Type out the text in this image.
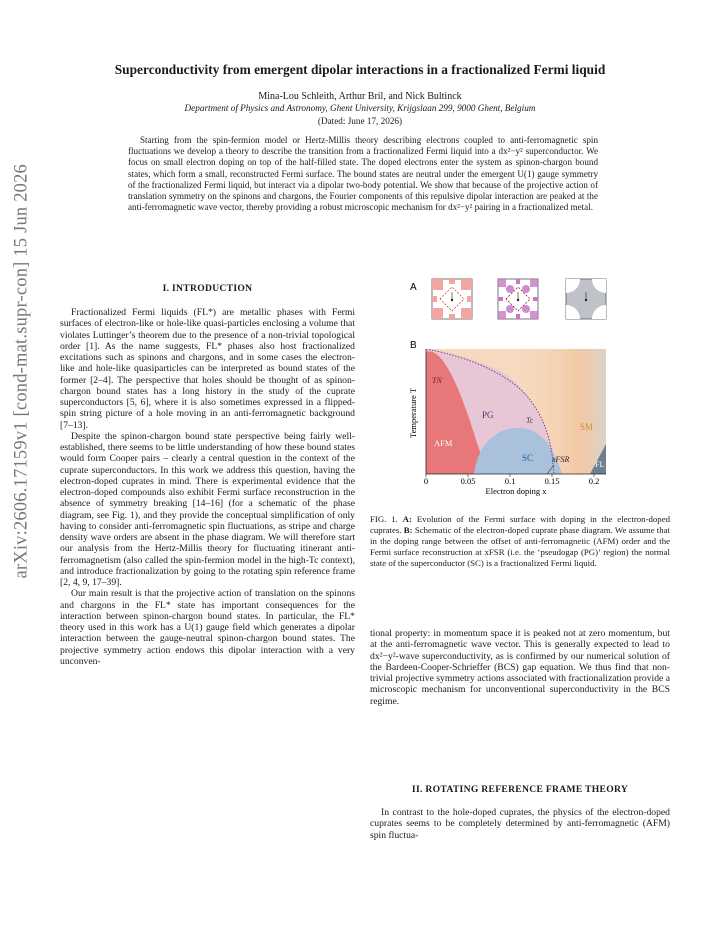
arXiv:2606.17159v1 [cond-mat.supr-con] 15 Jun 2026
Superconductivity from emergent dipolar interactions in a fractionalized Fermi liquid
Mina-Lou Schleith, Arthur Bril, and Nick Bultinck
Department of Physics and Astronomy, Ghent University, Krijgslaan 299, 9000 Ghent, Belgium
(Dated: June 17, 2026)
Starting from the spin-fermion model or Hertz-Millis theory describing electrons coupled to anti-ferromagnetic spin fluctuations we develop a theory to describe the transition from a fractionalized Fermi liquid into a dx²−y² superconductor. We focus on small electron doping on top of the half-filled state. The doped electrons enter the system as spinon-chargon bound states, which form a small, reconstructed Fermi surface. The bound states are neutral under the emergent U(1) gauge symmetry of the fractionalized Fermi liquid, but interact via a dipolar two-body potential. We show that because of the projective action of translation symmetry on the spinons and chargons, the Fourier components of this repulsive dipolar interaction are peaked at the anti-ferromagnetic wave vector, thereby providing a robust microscopic mechanism for dx²−y² pairing in a fractionalized metal.
I. INTRODUCTION

Fractionalized Fermi liquids (FL*) are metallic phases with Fermi surfaces of electron-like or hole-like quasi-particles enclosing a volume that violates Luttinger’s theorem due to the presence of a non-trivial topological order [1]. As the name suggests, FL* phases also host fractionalized excitations such as spinons and chargons, and in some cases the electron-like and hole-like quasiparticles can be interpreted as bound states of the former [2–4]. The perspective that holes should be thought of as spinon-chargon bound states has a long history in the study of the cuprate superconductors [5, 6], where it is also sometimes expressed in a flipped-spin string picture of a hole moving in an anti-ferromagnetic background [7–13].

Despite the spinon-chargon bound state perspective being fairly well-established, there seems to be little understanding of how these bound states would form Cooper pairs – clearly a central question in the context of the cuprate superconductors. In this work we address this question, having the electron-doped cuprates in mind. There is experimental evidence that the electron-doped compounds also exhibit Fermi surface reconstruction in the absence of symmetry breaking [14–16] (for a schematic of the phase diagram, see Fig. 1), and they provide the conceptual simplification of only having to consider anti-ferromagnetic spin fluctuations, as stripe and charge density wave orders are absent in the phase diagram. We will therefore start our analysis from the Hertz-Millis theory for fluctuating itinerant anti-ferromagnetism (also called the spin-fermion model in the high-Tc context), and introduce fractionalization by going to the rotating spin reference frame [2, 4, 9, 17–39].

Our main result is that the projective action of translation on the spinons and chargons in the FL* state has important consequences for the interaction between spinon-chargon bound states. In particular, the FL* theory used in this work has a U(1) gauge field which generates a dipolar interaction between the gauge-neutral spinon-chargon bound states. The projective symmetry action endows this dipolar interaction with a very unconven-

A
B
TN
AFM
PG
Tc
SC
SM
FL
xFSR
Temperature T
0	0.05	0.1	0.15	0.2
Electron doping x
FIG. 1. A: Evolution of the Fermi surface with doping in the electron-doped cuprates. B: Schematic of the electron-doped cuprate phase diagram. We assume that in the doping range between the offset of anti-ferromagnetic (AFM) order and the Fermi surface reconstruction at xFSR (i.e. the ‘pseudogap (PG)’ region) the normal state of the superconductor (SC) is a fractionalized Fermi liquid.
tional property: in momentum space it is peaked not at zero momentum, but at the anti-ferromagnetic wave vector. This is generally expected to lead to dx²−y²-wave superconductivity, as is confirmed by our numerical solution of the Bardeen-Cooper-Schrieffer (BCS) gap equation. We thus find that non-trivial projective symmetry actions associated with fractionalization provide a microscopic mechanism for unconventional superconductivity in the BCS regime.
II. ROTATING REFERENCE FRAME THEORY

In contrast to the hole-doped cuprates, the physics of the electron-doped cuprates seems to be completely determined by anti-ferromagnetic (AFM) spin fluctua-
